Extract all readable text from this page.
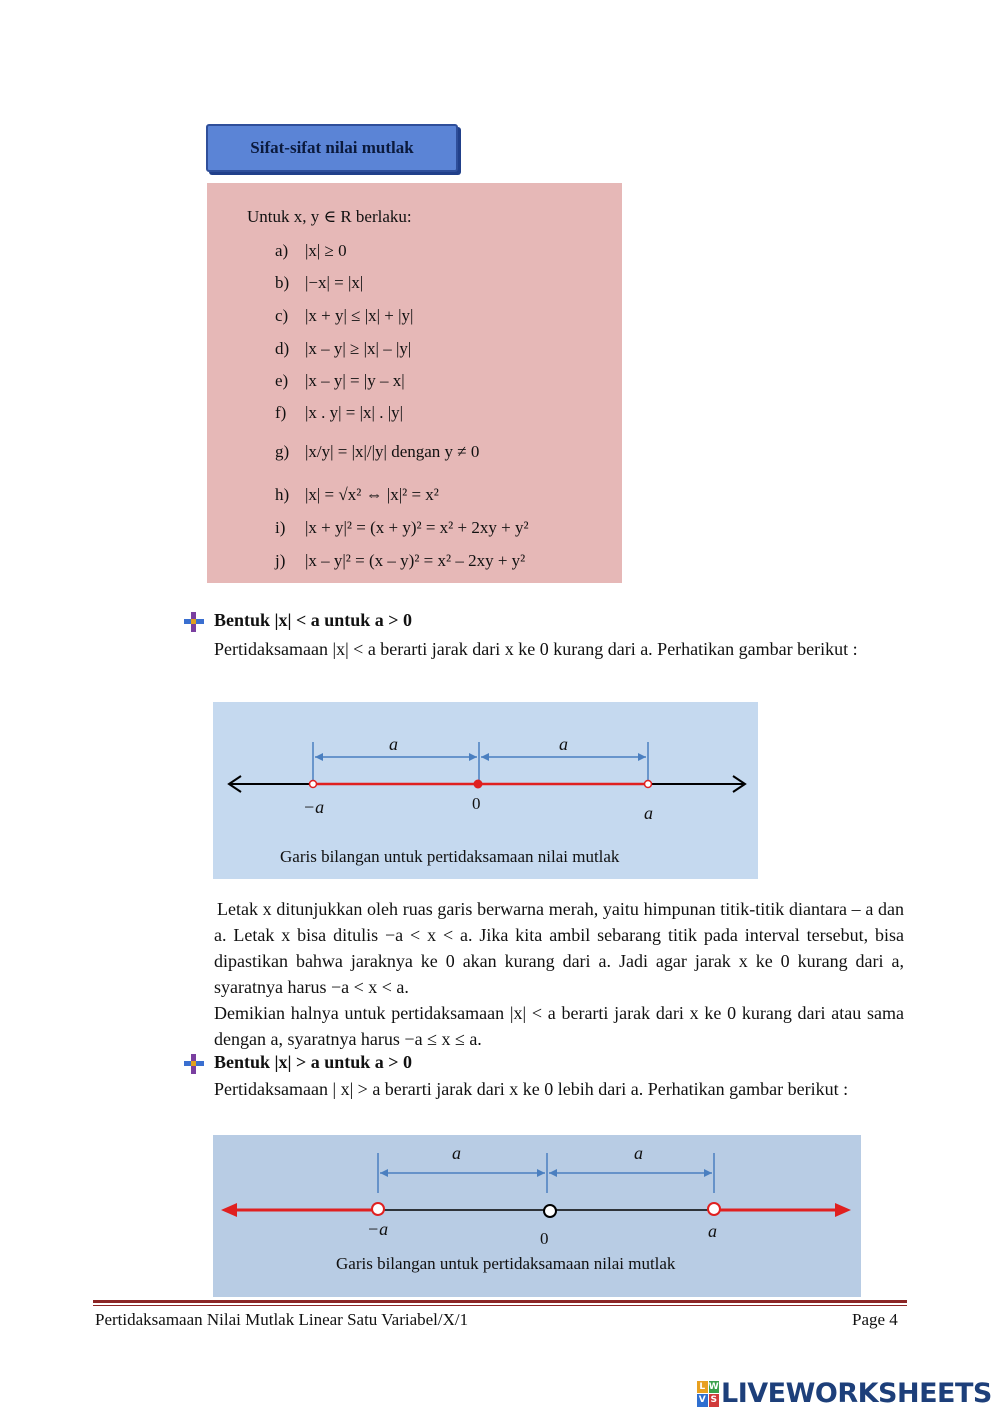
Sifat-sifat nilai mutlak
Untuk x, y ∈ R berlaku:
a) |x| ≥ 0
b) |−x| = |x|
c) |x + y| ≤ |x| + |y|
d) |x – y| ≥ |x| – |y|
e) |x – y| = |y – x|
f) |x . y| = |x| . |y|
g) |x/y| = |x|/|y| dengan y ≠ 0
h) |x| = √x² ⇔ |x|² = x²
i) |x + y|² = (x + y)² = x² + 2xy + y²
j) |x – y|² = (x – y)² = x² – 2xy + y²
Bentuk |x| < a untuk a > 0
Pertidaksamaan |x| < a berarti jarak dari x ke 0 kurang dari a. Perhatikan gambar berikut :
a	a
−a	0	a
Garis bilangan untuk pertidaksamaan nilai mutlak
Letak x ditunjukkan oleh ruas garis berwarna merah, yaitu himpunan titik-titik diantara – a dan a. Letak x bisa ditulis −a < x < a. Jika kita ambil sebarang titik pada interval tersebut, bisa dipastikan bahwa jaraknya ke 0 akan kurang dari a. Jadi agar jarak x ke 0 kurang dari a, syaratnya harus −a < x < a.
Demikian halnya untuk pertidaksamaan |x| < a berarti jarak dari x ke 0 kurang dari atau sama dengan a, syaratnya harus −a ≤ x ≤ a.
Bentuk |x| > a untuk a > 0
Pertidaksamaan | x| > a berarti jarak dari x ke 0 lebih dari a. Perhatikan gambar berikut :
a	a
−a	0	a
Garis bilangan untuk pertidaksamaan nilai mutlak
Pertidaksamaan Nilai Mutlak Linear Satu Variabel/X/1	Page 4
L W
V S LIVEWORKSHEETS
